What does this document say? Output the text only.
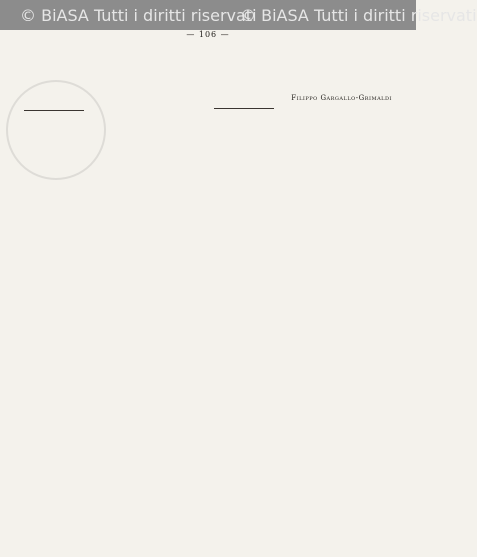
© BiASA Tutti i diritti riservati
© BiASA Tutti i diritti riservati
— 106 —

Filippo Gargallo-Grimaldi
